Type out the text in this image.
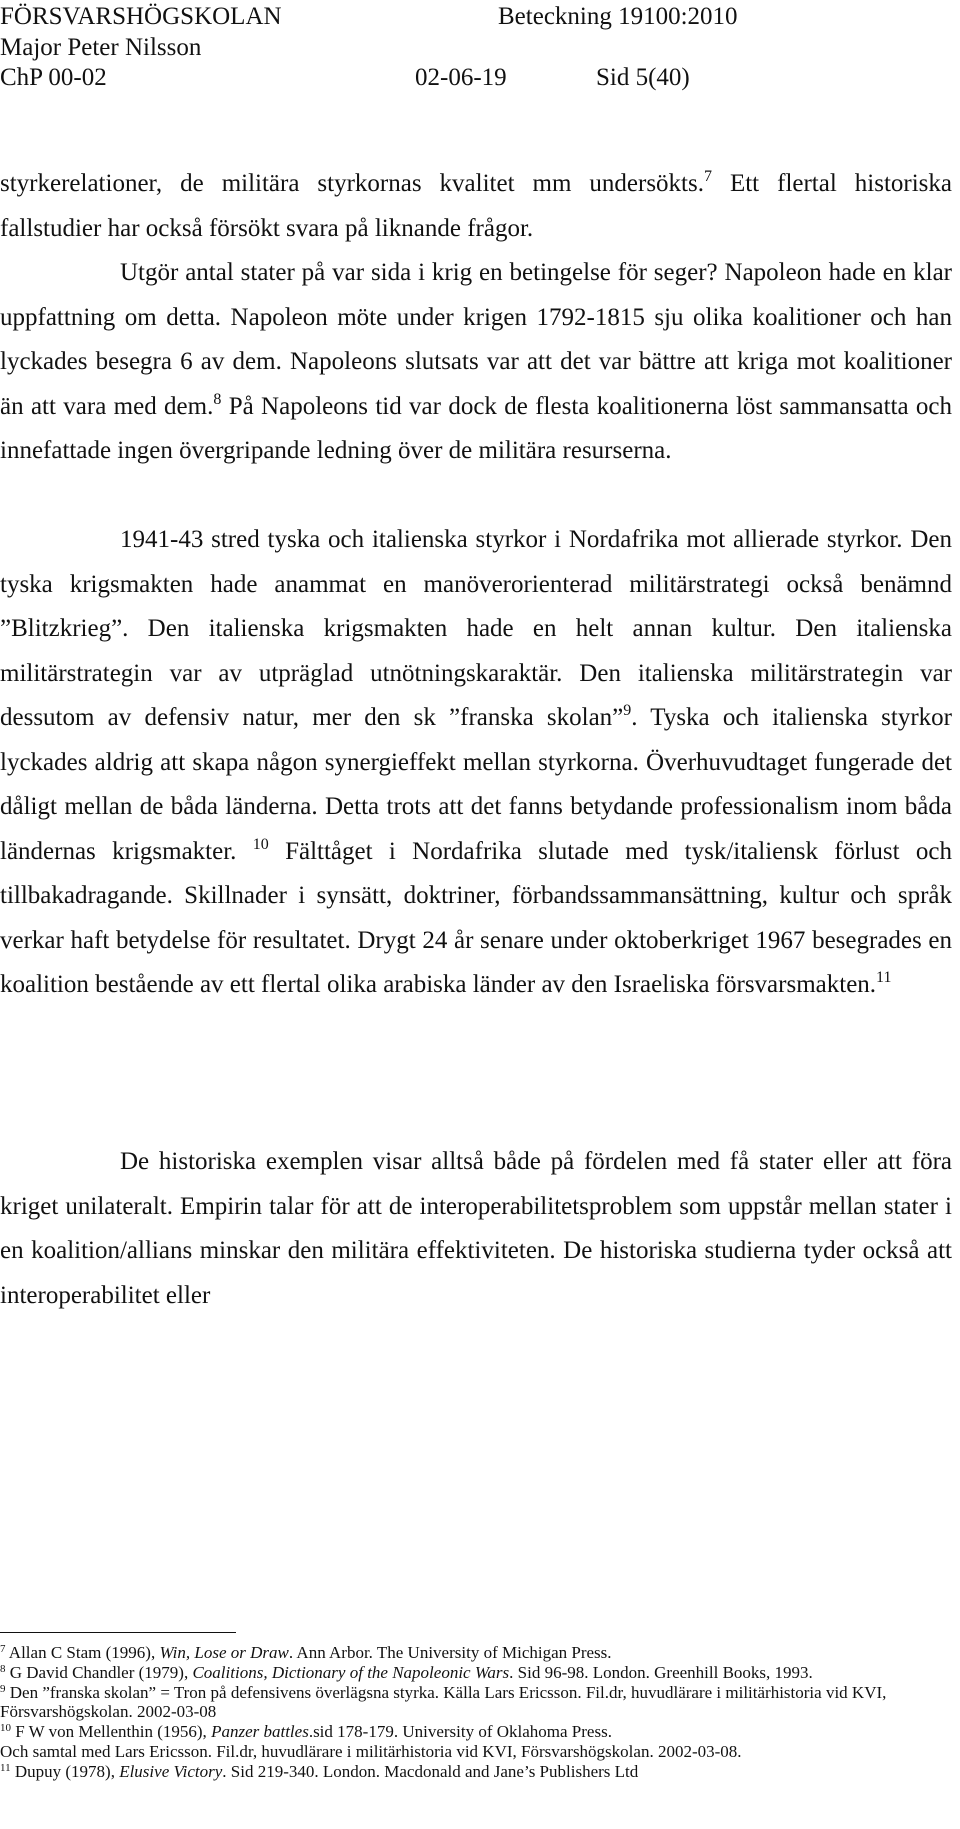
FÖRSVARSHÖGSKOLAN	Beteckning 19100:2010
Major Peter Nilsson
ChP 00-02	02-06-19	Sid 5(40)

styrkerelationer, de militära styrkornas kvalitet mm undersökts.$^7$ Ett flertal historiska fallstudier har också försökt svara på liknande frågor.

Utgör antal stater på var sida i krig en betingelse för seger? Napoleon hade en klar uppfattning om detta. Napoleon möte under krigen 1792-1815 sju olika koalitioner och han lyckades besegra 6 av dem. Napoleons slutsats var att det var bättre att kriga mot koalitioner än att vara med dem.$^8$ På Napoleons tid var dock de flesta koalitionerna löst sammansatta och innefattade ingen övergripande ledning över de militära resurserna.

1941-43 stred tyska och italienska styrkor i Nordafrika mot allierade styrkor. Den tyska krigsmakten hade anammat en manöverorienterad militärstrategi också benämnd ”Blitzkrieg”. Den italienska krigsmakten hade en helt annan kultur. Den italienska militärstrategin var av utpräglad utnötningskaraktär. Den italienska militärstrategin var dessutom av defensiv natur, mer den sk ”franska skolan”$^9$. Tyska och italienska styrkor lyckades aldrig att skapa någon synergieffekt mellan styrkorna. Överhuvudtaget fungerade det dåligt mellan de båda länderna. Detta trots att det fanns betydande professionalism inom båda ländernas krigsmakter. $^{10}$ Fälttåget i Nordafrika slutade med tysk/italiensk förlust och tillbakadragande. Skillnader i synsätt, doktriner, förbandssammansättning, kultur och språk verkar haft betydelse för resultatet. Drygt 24 år senare under oktoberkriget 1967 besegrades en koalition bestående av ett flertal olika arabiska länder av den Israeliska försvarsmakten.$^{11}$

De historiska exemplen visar alltså både på fördelen med få stater eller att föra kriget unilateralt. Empirin talar för att de interoperabilitetsproblem som uppstår mellan stater i en koalition/allians minskar den militära effektiviteten. De historiska studierna tyder också att interoperabilitet eller

$^7$ Allan C Stam (1996), Win, Lose or Draw. Ann Arbor. The University of Michigan Press.

$^8$ G David Chandler (1979), Coalitions, Dictionary of the Napoleonic Wars. Sid 96-98. London. Greenhill Books, 1993.

$^9$ Den ”franska skolan” = Tron på defensivens överlägsna styrka. Källa Lars Ericsson. Fil.dr, huvudlärare i militärhistoria vid KVI, Försvarshögskolan. 2002-03-08

$^{10}$ F W von Mellenthin (1956), Panzer battles.sid 178-179. University of Oklahoma Press.
Och samtal med Lars Ericsson. Fil.dr, huvudlärare i militärhistoria vid KVI, Försvarshögskolan. 2002-03-08.

$^{11}$ Dupuy (1978), Elusive Victory. Sid 219-340. London. Macdonald and Jane’s Publishers Ltd
